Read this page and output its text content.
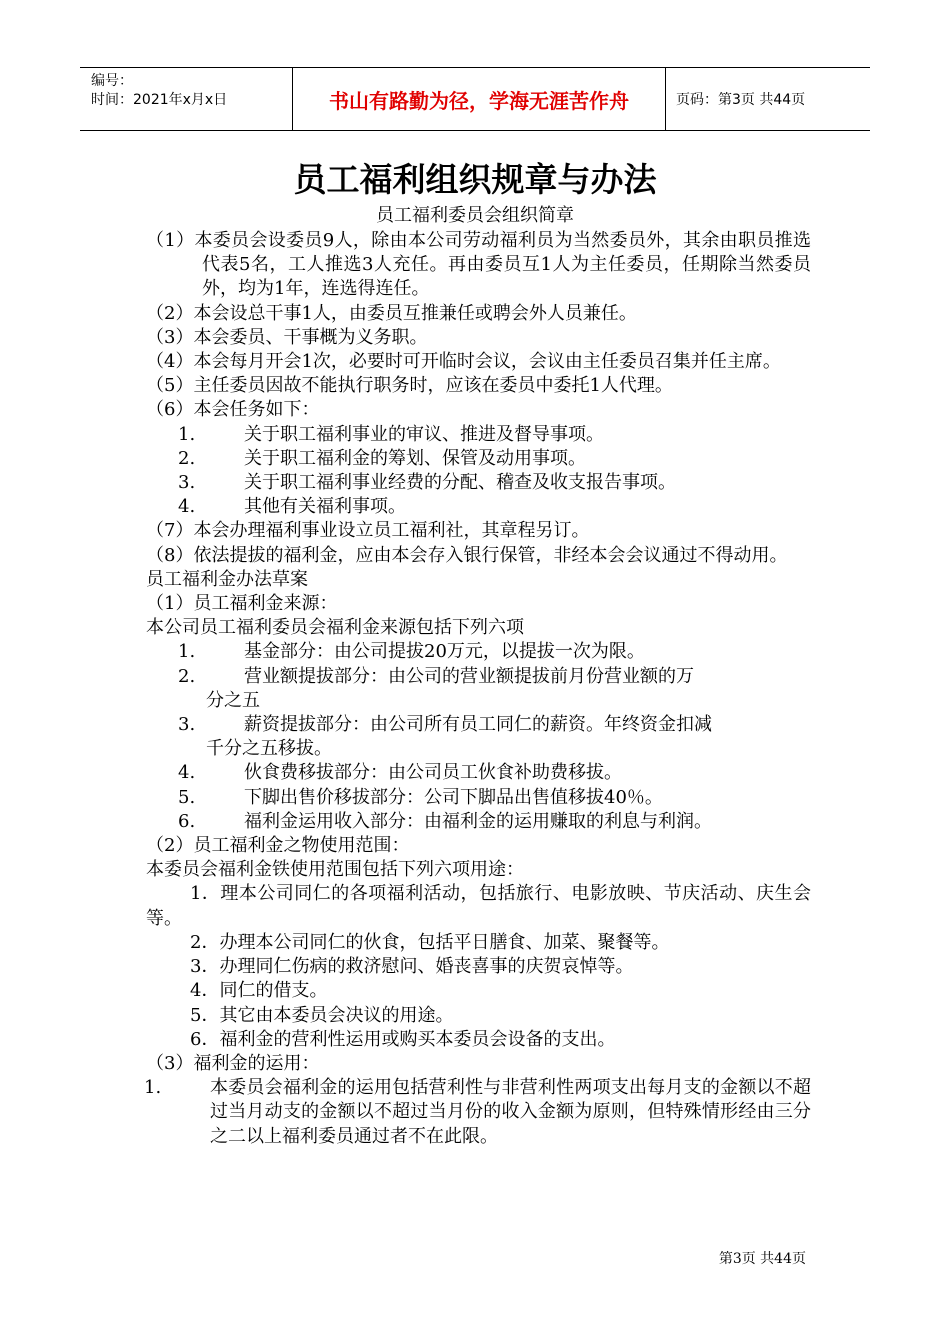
编号：
时间：2021年x月x日	书山有路勤为径，学海无涯苦作舟	页码：第3页 共44页
员工福利组织规章与办法
员工福利委员会组织简章

（1）本委员会设委员9人，除由本公司劳动福利员为当然委员外，其余由职员推选代表5名，工人推选3人充任。再由委员互1人为主任委员，任期除当然委员外，均为1年，连选得连任。

（2）本会设总干事1人，由委员互推兼任或聘会外人员兼任。

（3）本会委员、干事概为义务职。

（4）本会每月开会1次，必要时可开临时会议，会议由主任委员召集并任主席。

（5）主任委员因故不能执行职务时，应该在委员中委托1人代理。

（6）本会任务如下：

1.	关于职工福利事业的审议、推进及督导事项。
2.	关于职工福利金的筹划、保管及动用事项。
3.	关于职工福利事业经费的分配、稽查及收支报告事项。
4.	其他有关福利事项。

（7）本会办理福利事业设立员工福利社，其章程另订。

（8）依法提拔的福利金，应由本会存入银行保管，非经本会会议通过不得动用。

员工福利金办法草案

（1）员工福利金来源：

本公司员工福利委员会福利金来源包括下列六项

1.	基金部分：由公司提拔20万元，以提拔一次为限。
2.	营业额提拔部分：由公司的营业额提拔前月份营业额的万
分之五
3.	薪资提拔部分：由公司所有员工同仁的薪资。年终资金扣减
千分之五移拔。
4.	伙食费移拔部分：由公司员工伙食补助费移拔。
5.	下脚出售价移拔部分：公司下脚品出售值移拔40％。
6.	福利金运用收入部分：由福利金的运用赚取的利息与利润。

（2）员工福利金之物使用范围：

本委员会福利金铁使用范围包括下列六项用途：

1．理本公司同仁的各项福利活动，包括旅行、电影放映、节庆活动、庆生会等。

2．办理本公司同仁的伙食，包括平日膳食、加菜、聚餐等。

3．办理同仁伤病的救济慰问、婚丧喜事的庆贺哀悼等。

4．同仁的借支。

5．其它由本委员会决议的用途。

6．福利金的营利性运用或购买本委员会设备的支出。

（3）福利金的运用：

1.	本委员会福利金的运用包括营利性与非营利性两项支出每月支的金额以不超过当月动支的金额以不超过当月份的收入金额为原则，但特殊情形经由三分之二以上福利委员通过者不在此限。
第3页 共44页
